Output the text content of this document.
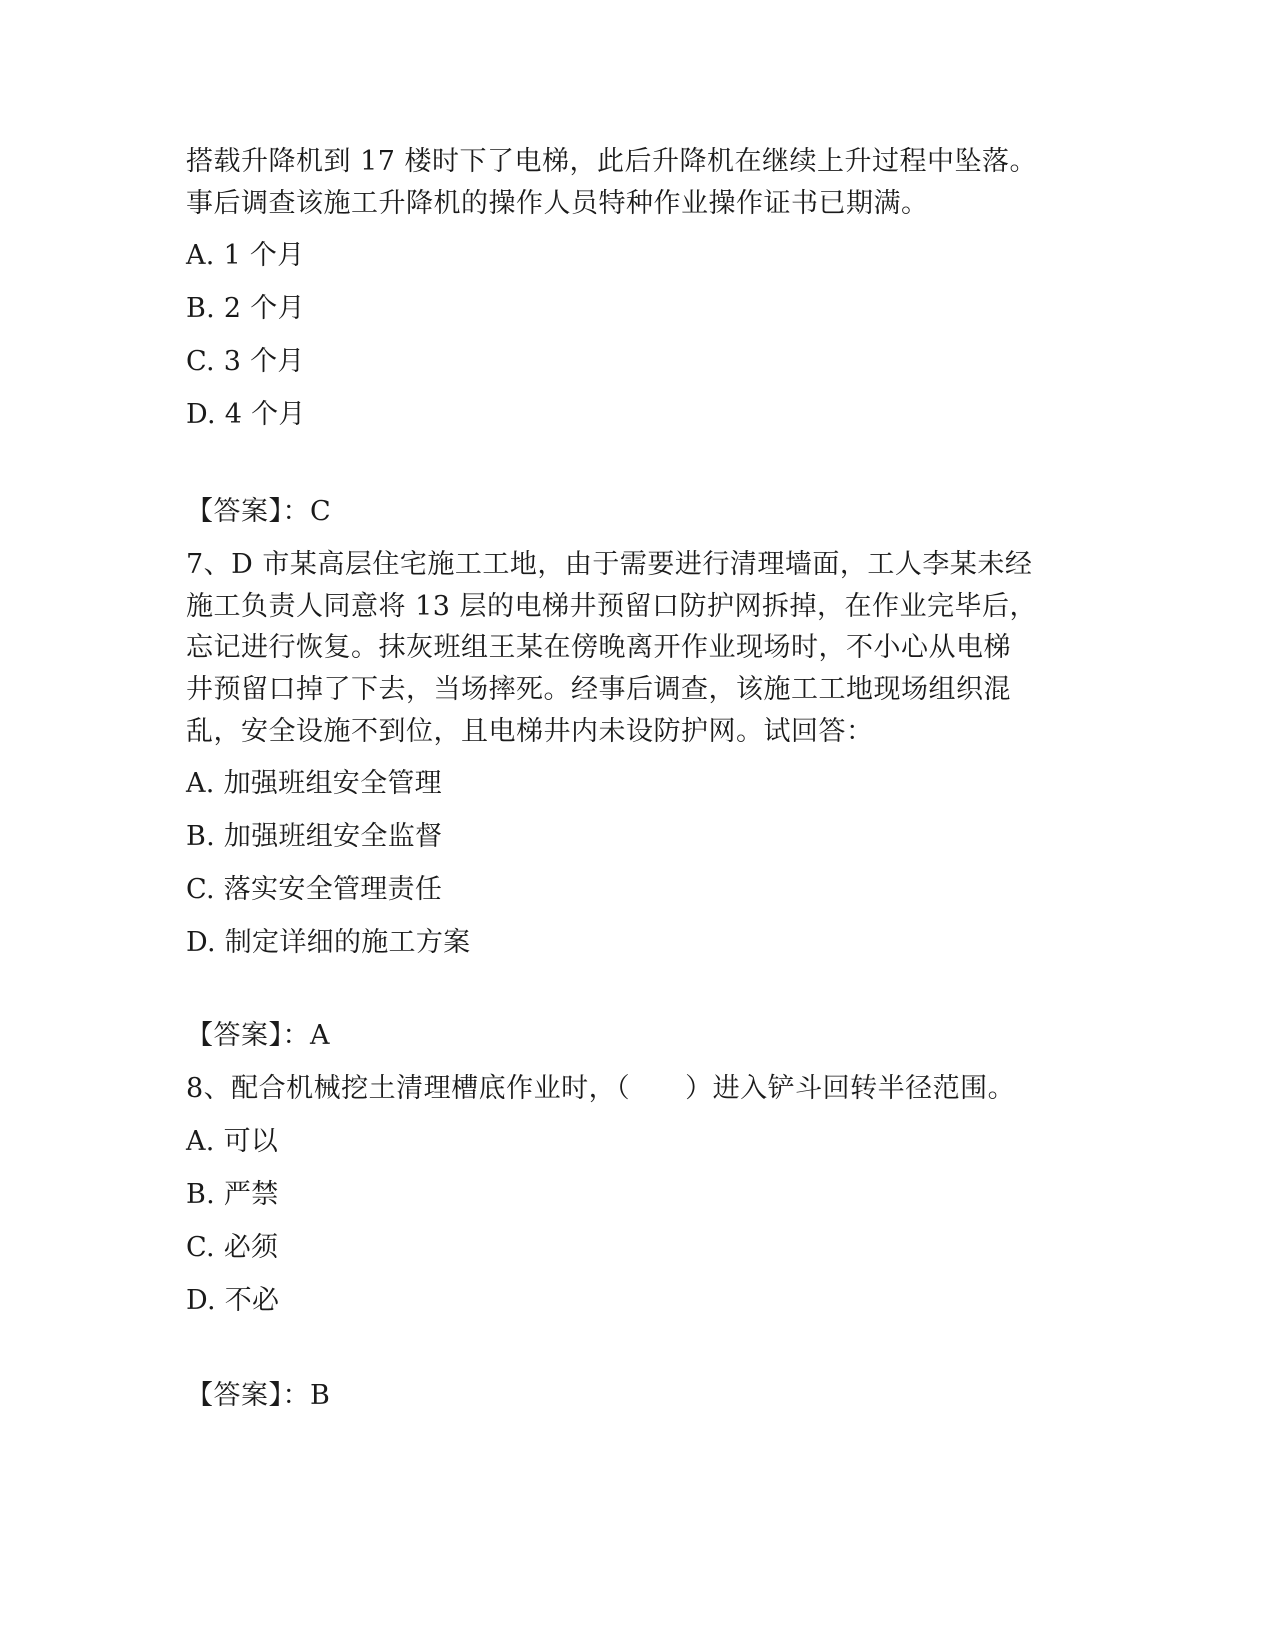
搭载升降机到 17 楼时下了电梯，此后升降机在继续上升过程中坠落。
事后调查该施工升降机的操作人员特种作业操作证书已期满。
A. 1 个月
B. 2 个月
C. 3 个月
D. 4 个月
【答案】：C
7、D 市某高层住宅施工工地，由于需要进行清理墙面，工人李某未经
施工负责人同意将 13 层的电梯井预留口防护网拆掉，在作业完毕后，
忘记进行恢复。抹灰班组王某在傍晚离开作业现场时，不小心从电梯
井预留口掉了下去，当场摔死。经事后调查，该施工工地现场组织混
乱，安全设施不到位，且电梯井内未设防护网。试回答：
A. 加强班组安全管理
B. 加强班组安全监督
C. 落实安全管理责任
D. 制定详细的施工方案
【答案】：A
8、配合机械挖土清理槽底作业时，（　　）进入铲斗回转半径范围。
A. 可以
B. 严禁
C. 必须
D. 不必
【答案】：B
